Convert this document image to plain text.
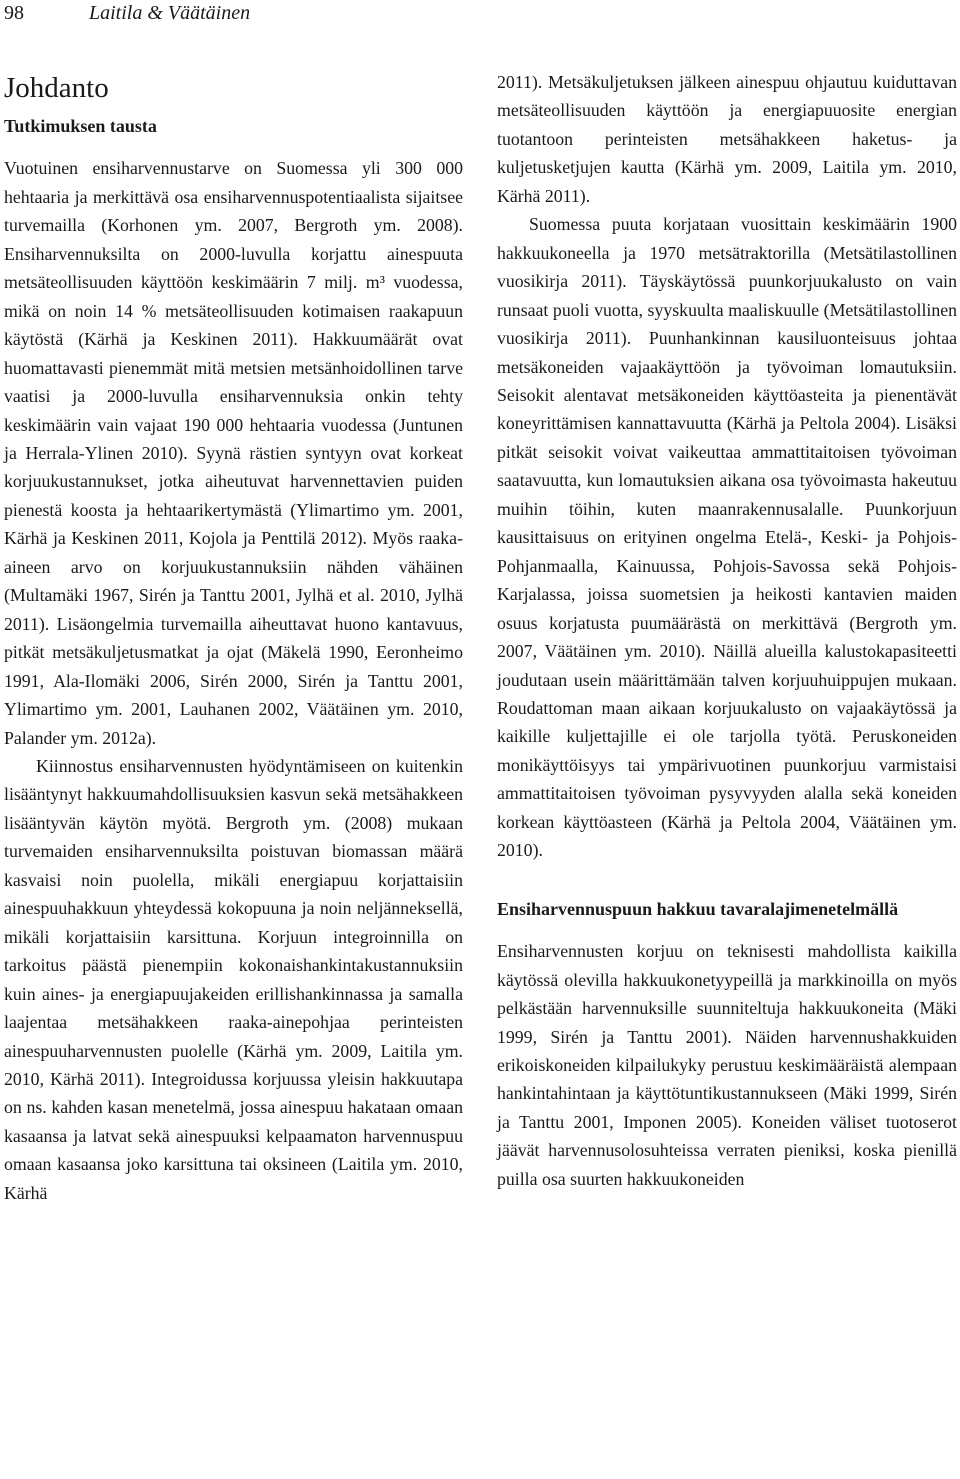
98	Laitila & Väätäinen
Johdanto
Tutkimuksen tausta

Vuotuinen ensiharvennustarve on Suomessa yli 300 000 hehtaaria ja merkittävä osa ensiharvennuspotentiaalista sijaitsee turvemailla (Korhonen ym. 2007, Bergroth ym. 2008). Ensiharvennuksilta on 2000-luvulla korjattu ainespuuta metsäteollisuuden käyttöön keskimäärin 7 milj. m³ vuodessa, mikä on noin 14 % metsäteollisuuden kotimaisen raakapuun käytöstä (Kärhä ja Keskinen 2011). Hakkuumäärät ovat huomattavasti pienemmät mitä metsien metsänhoidollinen tarve vaatisi ja 2000-luvulla ensiharvennuksia onkin tehty keskimäärin vain vajaat 190 000 hehtaaria vuodessa (Juntunen ja Herrala-Ylinen 2010). Syynä rästien syntyyn ovat korkeat korjuukustannukset, jotka aiheutuvat harvennettavien puiden pienestä koosta ja hehtaarikertymästä (Ylimartimo ym. 2001, Kärhä ja Keskinen 2011, Kojola ja Penttilä 2012). Myös raaka-aineen arvo on korjuukustannuksiin nähden vähäinen (Multamäki 1967, Sirén ja Tanttu 2001, Jylhä et al. 2010, Jylhä 2011). Lisäongelmia turvemailla aiheuttavat huono kantavuus, pitkät metsäkuljetusmatkat ja ojat (Mäkelä 1990, Eeronheimo 1991, Ala-Ilomäki 2006, Sirén 2000, Sirén ja Tanttu 2001, Ylimartimo ym. 2001, Lauhanen 2002, Väätäinen ym. 2010, Palander ym. 2012a).

Kiinnostus ensiharvennusten hyödyntämiseen on kuitenkin lisääntynyt hakkuumahdollisuuksien kasvun sekä metsähakkeen lisääntyvän käytön myötä. Bergroth ym. (2008) mukaan turvemaiden ensiharvennuksilta poistuvan biomassan määrä kasvaisi noin puolella, mikäli energiapuu korjattaisiin ainespuuhakkuun yhteydessä kokopuuna ja noin neljänneksellä, mikäli korjattaisiin karsittuna. Korjuun integroinnilla on tarkoitus päästä pienempiin kokonaishankintakustannuksiin kuin aines- ja energiapuujakeiden erillishankinnassa ja samalla laajentaa metsähakkeen raaka-ainepohjaa perinteisten ainespuuharvennusten puolelle (Kärhä ym. 2009, Laitila ym. 2010, Kärhä 2011). Integroidussa korjuussa yleisin hakkuutapa on ns. kahden kasan menetelmä, jossa ainespuu hakataan omaan kasaansa ja latvat sekä ainespuuksi kelpaamaton harvennuspuu omaan kasaansa joko karsittuna tai oksineen (Laitila ym. 2010, Kärhä

2011). Metsäkuljetuksen jälkeen ainespuu ohjautuu kuiduttavan metsäteollisuuden käyttöön ja energiapuuosite energian tuotantoon perinteisten metsähakkeen haketus- ja kuljetusketjujen kautta (Kärhä ym. 2009, Laitila ym. 2010, Kärhä 2011).

Suomessa puuta korjataan vuosittain keskimäärin 1900 hakkuukoneella ja 1970 metsätraktorilla (Metsätilastollinen vuosikirja 2011). Täyskäytössä puunkorjuukalusto on vain runsaat puoli vuotta, syyskuulta maaliskuulle (Metsätilastollinen vuosikirja 2011). Puunhankinnan kausiluonteisuus johtaa metsäkoneiden vajaakäyttöön ja työvoiman lomautuksiin. Seisokit alentavat metsäkoneiden käyttöasteita ja pienentävät koneyrittämisen kannattavuutta (Kärhä ja Peltola 2004). Lisäksi pitkät seisokit voivat vaikeuttaa ammattitaitoisen työvoiman saatavuutta, kun lomautuksien aikana osa työvoimasta hakeutuu muihin töihin, kuten maanrakennusalalle. Puunkorjuun kausittaisuus on erityinen ongelma Etelä-, Keski- ja Pohjois-Pohjanmaalla, Kainuussa, Pohjois-Savossa sekä Pohjois-Karjalassa, joissa suometsien ja heikosti kantavien maiden osuus korjatusta puumäärästä on merkittävä (Bergroth ym. 2007, Väätäinen ym. 2010). Näillä alueilla kalustokapasiteetti joudutaan usein määrittämään talven korjuuhuippujen mukaan. Roudattoman maan aikaan korjuukalusto on vajaakäytössä ja kaikille kuljettajille ei ole tarjolla työtä. Peruskoneiden monikäyttöisyys tai ympärivuotinen puunkorjuu varmistaisi ammattitaitoisen työvoiman pysyvyyden alalla sekä koneiden korkean käyttöasteen (Kärhä ja Peltola 2004, Väätäinen ym. 2010).

Ensiharvennuspuun hakkuu tavaralajimenetelmällä

Ensiharvennusten korjuu on teknisesti mahdollista kaikilla käytössä olevilla hakkuukonetyypeillä ja markkinoilla on myös pelkästään harvennuksille suunniteltuja hakkuukoneita (Mäki 1999, Sirén ja Tanttu 2001). Näiden harvennushakkuiden erikoiskoneiden kilpailukyky perustuu keskimääräistä alempaan hankintahintaan ja käyttötuntikustannukseen (Mäki 1999, Sirén ja Tanttu 2001, Imponen 2005). Koneiden väliset tuotoserot jäävät harvennusolosuhteissa verraten pieniksi, koska pienillä puilla osa suurten hakkuukoneiden
